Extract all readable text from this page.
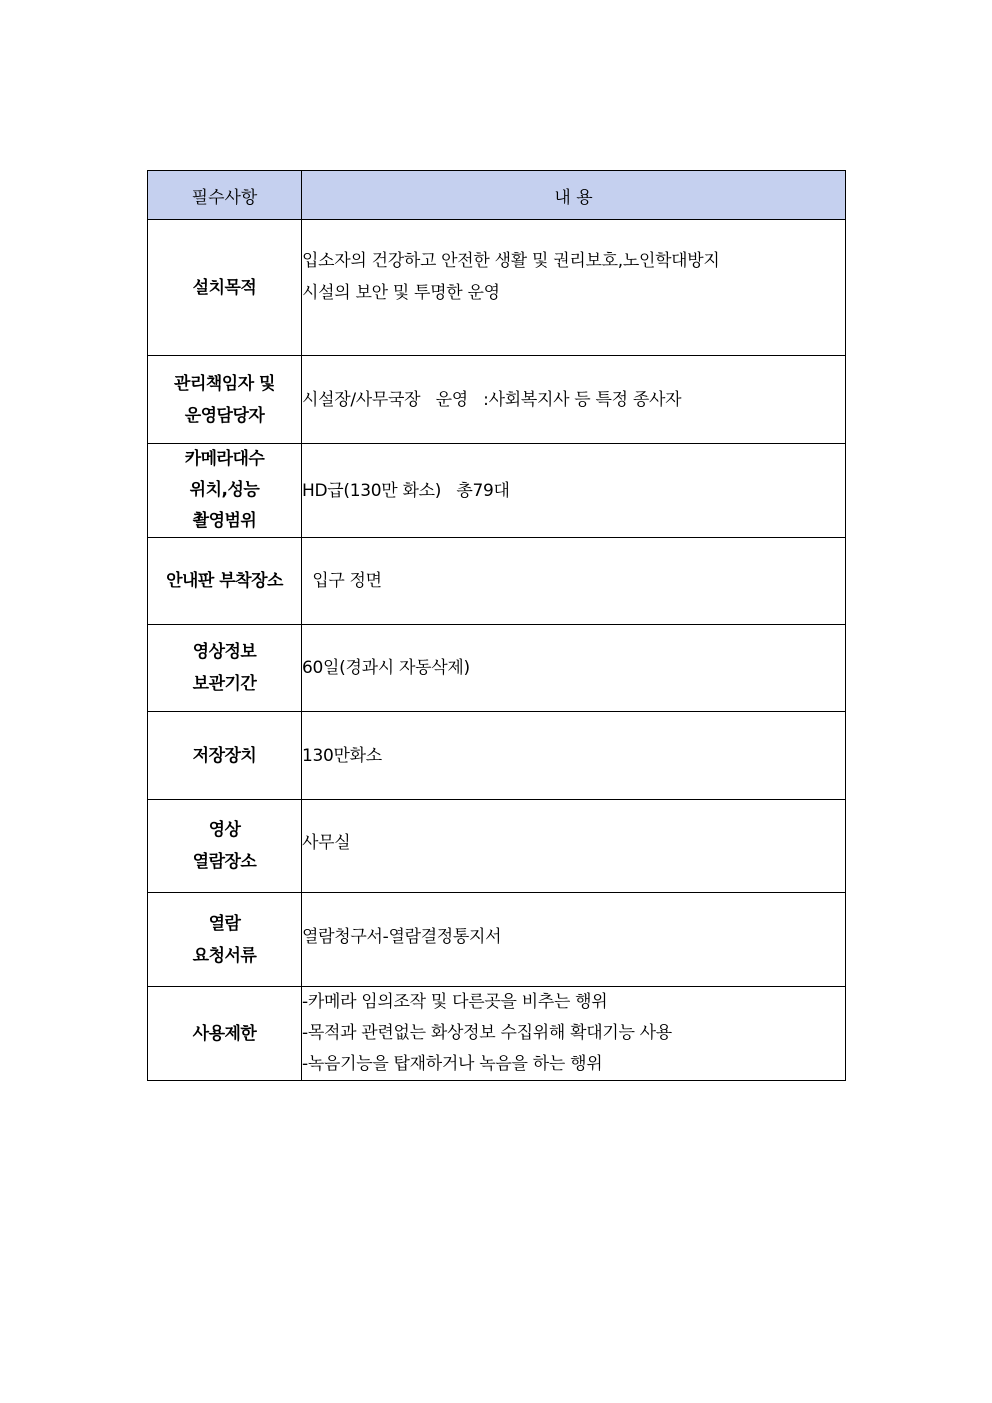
필수사항	내 용

설치목적	입소자의 건강하고 안전한 생활 및 권리보호,노인학대방지
시설의 보안 및 투명한 운영

관리책임자 및
운영담당자	시설장/사무국장   운영   :사회복지사 등 특정 종사자

카메라대수
위치,성능
촬영범위	HD급(130만 화소)   총79대

안내판 부착장소	입구 정면

영상정보
보관기간	60일(경과시 자동삭제)

저장장치	130만화소

영상
열람장소	사무실

열람
요청서류	열람청구서-열람결정통지서

사용제한	-카메라 임의조작 및 다른곳을 비추는 행위
-목적과 관련없는 화상정보 수집위해 확대기능 사용
-녹음기능을 탑재하거나 녹음을 하는 행위
